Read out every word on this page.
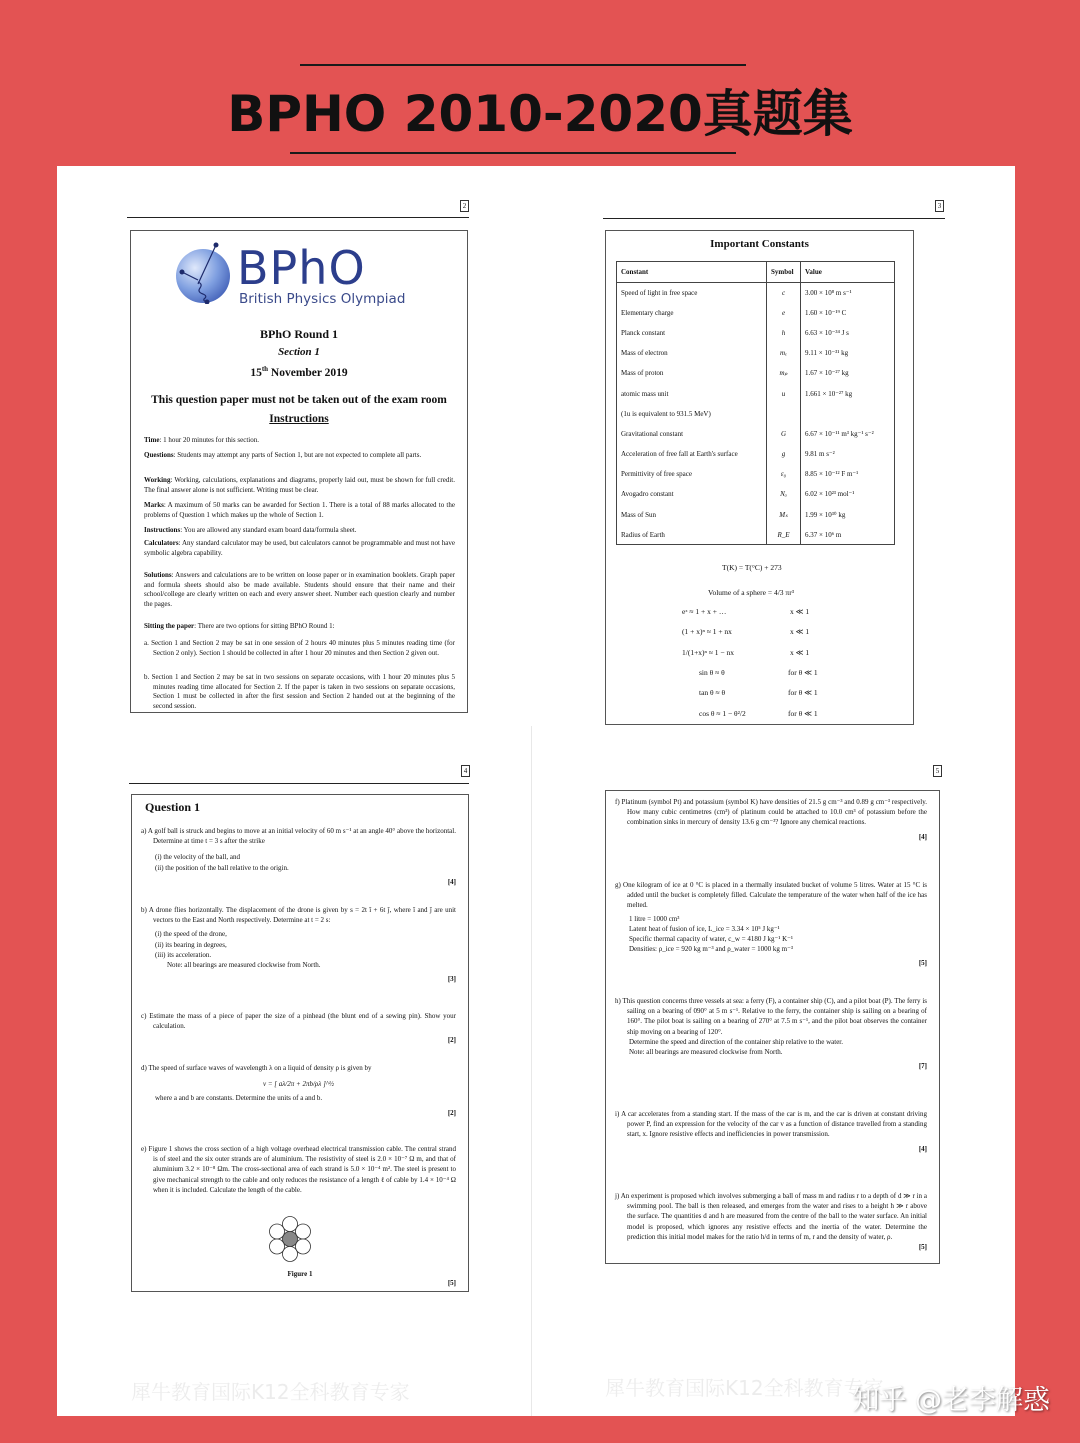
BPHO 2010-2020真题集
2
BPhO
British Physics Olympiad
BPhO Round 1
Section 1
15th November 2019
This question paper must not be taken out of the exam room
Instructions
Time: 1 hour 20 minutes for this section.
Questions: Students may attempt any parts of Section 1, but are not expected to complete all parts.
Working: Working, calculations, explanations and diagrams, properly laid out, must be shown for full credit. The final answer alone is not sufficient. Writing must be clear.
Marks: A maximum of 50 marks can be awarded for Section 1. There is a total of 88 marks allocated to the problems of Question 1 which makes up the whole of Section 1.
Instructions: You are allowed any standard exam board data/formula sheet.
Calculators: Any standard calculator may be used, but calculators cannot be programmable and must not have symbolic algebra capability.
Solutions: Answers and calculations are to be written on loose paper or in examination booklets. Graph paper and formula sheets should also be made available. Students should ensure that their name and their school/college are clearly written on each and every answer sheet. Number each question clearly and number the pages.
Sitting the paper: There are two options for sitting BPhO Round 1:
a. Section 1 and Section 2 may be sat in one session of 2 hours 40 minutes plus 5 minutes reading time (for Section 2 only). Section 1 should be collected in after 1 hour 20 minutes and then Section 2 given out.
b. Section 1 and Section 2 may be sat in two sessions on separate occasions, with 1 hour 20 minutes plus 5 minutes reading time allocated for Section 2. If the paper is taken in two sessions on separate occasions, Section 1 must be collected in after the first session and Section 2 handed out at the beginning of the second session.
3
Important Constants
Constant	Symbol	Value
Speed of light in free space	c	3.00 × 10⁸ m s⁻¹
Elementary charge	e	1.60 × 10⁻¹⁹ C
Planck constant	h	6.63 × 10⁻³⁴ J s
Mass of electron	mₑ	9.11 × 10⁻³¹ kg
Mass of proton	mₚ	1.67 × 10⁻²⁷ kg
atomic mass unit	u	1.661 × 10⁻²⁷ kg
(1u is equivalent to 931.5 MeV)		
Gravitational constant	G	6.67 × 10⁻¹¹ m³ kg⁻¹ s⁻²
Acceleration of free fall at Earth's surface	g	9.81 m s⁻²
Permittivity of free space	ε₀	8.85 × 10⁻¹² F m⁻¹
Avogadro constant	Nₐ	6.02 × 10²³ mol⁻¹
Mass of Sun	Mₛ	1.99 × 10³⁰ kg
Radius of Earth	R_E	6.37 × 10⁶ m
T(K) = T(°C) + 273
Volume of a sphere = 4/3 πr³
eˣ ≈ 1 + x + …	x ≪ 1
(1 + x)ⁿ ≈ 1 + nx	x ≪ 1
1/(1+x)ⁿ ≈ 1 − nx	x ≪ 1
sin θ ≈ θ	for θ ≪ 1
tan θ ≈ θ	for θ ≪ 1
cos θ ≈ 1 − θ²/2	for θ ≪ 1
4
Question 1
a) A golf ball is struck and begins to move at an initial velocity of 60 m s⁻¹ at an angle 40° above the horizontal. Determine at time t = 3 s after the strike
(i) the velocity of the ball, and
(ii) the position of the ball relative to the origin.
[4]
b) A drone flies horizontally. The displacement of the drone is given by s = 2t î + 6t ĵ, where î and ĵ are unit vectors to the East and North respectively. Determine at t = 2 s:
(i) the speed of the drone,
(ii) its bearing in degrees,
(iii) its acceleration.
Note: all bearings are measured clockwise from North.
[3]
c) Estimate the mass of a piece of paper the size of a pinhead (the blunt end of a sewing pin). Show your calculation.
[2]
d) The speed of surface waves of wavelength λ on a liquid of density ρ is given by
v = [ aλ/2π + 2πb/ρλ ]^½
where a and b are constants. Determine the units of a and b.
[2]
e) Figure 1 shows the cross section of a high voltage overhead electrical transmission cable. The central strand is of steel and the six outer strands are of aluminium. The resistivity of steel is 2.0 × 10⁻⁷ Ω m, and that of aluminium 3.2 × 10⁻⁸ Ωm. The cross-sectional area of each strand is 5.0 × 10⁻⁴ m². The steel is present to give mechanical strength to the cable and only reduces the resistance of a length ℓ of cable by 1.4 × 10⁻⁴ Ω when it is included. Calculate the length of the cable.
Figure 1
[5]
5
f) Platinum (symbol Pt) and potassium (symbol K) have densities of 21.5 g cm⁻³ and 0.89 g cm⁻³ respectively. How many cubic centimetres (cm³) of platinum could be attached to 10.0 cm³ of potassium before the combination sinks in mercury of density 13.6 g cm⁻³? Ignore any chemical reactions.
[4]
g) One kilogram of ice at 0 °C is placed in a thermally insulated bucket of volume 5 litres. Water at 15 °C is added until the bucket is completely filled. Calculate the temperature of the water when half of the ice has melted.
1 litre = 1000 cm³
Latent heat of fusion of ice, L_ice = 3.34 × 10⁵ J kg⁻¹
Specific thermal capacity of water, c_w = 4180 J kg⁻¹ K⁻¹
Densities: ρ_ice = 920 kg m⁻³ and ρ_water = 1000 kg m⁻³
[5]
h) This question concerns three vessels at sea: a ferry (F), a container ship (C), and a pilot boat (P). The ferry is sailing on a bearing of 090° at 5 m s⁻¹. Relative to the ferry, the container ship is sailing on a bearing of 160°. The pilot boat is sailing on a bearing of 270° at 7.5 m s⁻¹, and the pilot boat observes the container ship moving on a bearing of 120°.
Determine the speed and direction of the container ship relative to the water.
Note: all bearings are measured clockwise from North.
[7]
i) A car accelerates from a standing start. If the mass of the car is m, and the car is driven at constant driving power P, find an expression for the velocity of the car v as a function of distance travelled from a standing start, x. Ignore resistive effects and inefficiencies in power transmission.
[4]
j) An experiment is proposed which involves submerging a ball of mass m and radius r to a depth of d ≫ r in a swimming pool. The ball is then released, and emerges from the water and rises to a height h ≫ r above the surface. The quantities d and h are measured from the centre of the ball to the water surface. An initial model is proposed, which ignores any resistive effects and the inertia of the water. Determine the prediction this initial model makes for the ratio h/d in terms of m, r and the density of water, ρ.
[5]
犀牛教育国际K12全科教育专家	犀牛教育国际K12全科教育专家
知乎 @老李解惑
